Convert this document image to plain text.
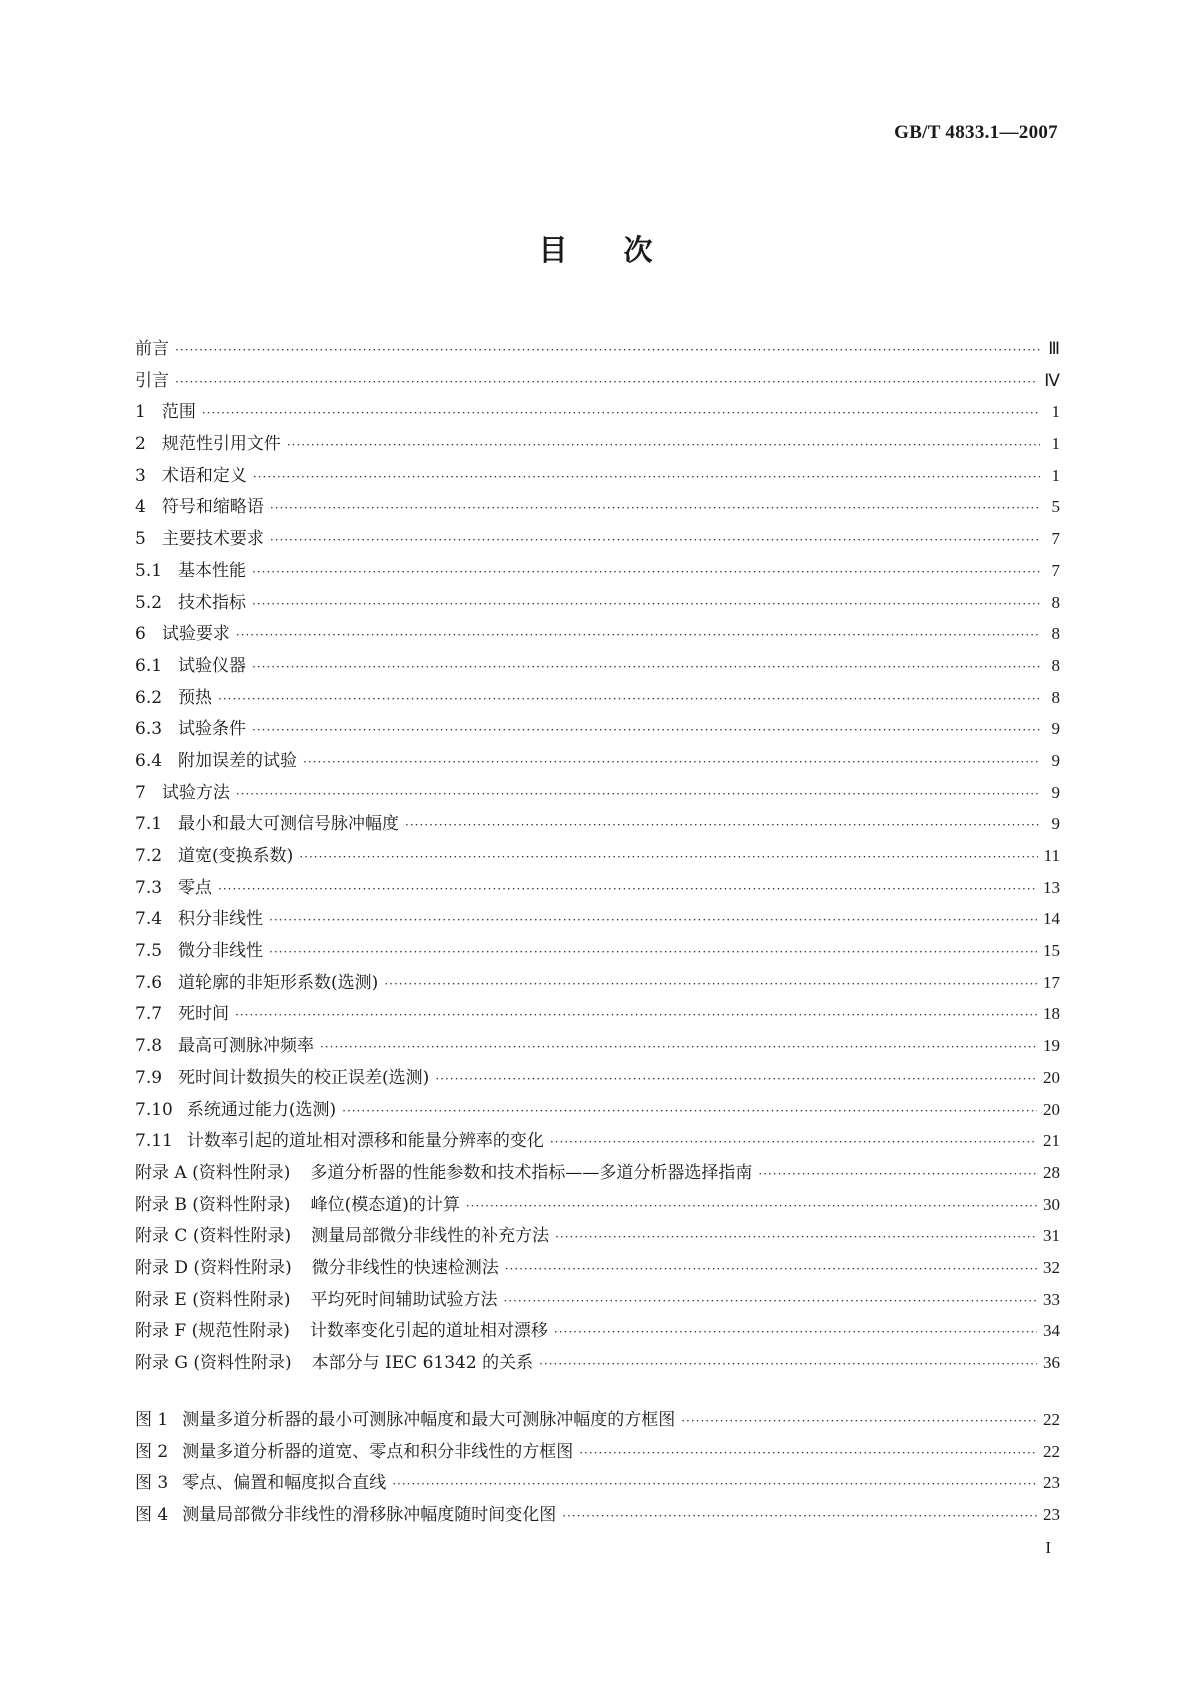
GB/T 4833.1—2007
目次
前言 ·····	Ⅲ
引言 ·····	Ⅳ
1 范围 ·····	1
2 规范性引用文件 ·····	1
3 术语和定义 ·····	1
4 符号和缩略语 ·····	5
5 主要技术要求 ·····	7
5.1 基本性能 ·····	7
5.2 技术指标 ·····	8
6 试验要求 ·····	8
6.1 试验仪器 ·····	8
6.2 预热 ·····	8
6.3 试验条件 ·····	9
6.4 附加误差的试验 ·····	9
7 试验方法 ·····	9
7.1 最小和最大可测信号脉冲幅度 ·····	9
7.2 道宽(变换系数) ·····	11
7.3 零点 ·····	13
7.4 积分非线性 ·····	14
7.5 微分非线性 ·····	15
7.6 道轮廓的非矩形系数(选测) ·····	17
7.7 死时间 ·····	18
7.8 最高可测脉冲频率 ·····	19
7.9 死时间计数损失的校正误差(选测) ·····	20
7.10 系统通过能力(选测) ·····	20
7.11 计数率引起的道址相对漂移和能量分辨率的变化 ·····	21
附录 A (资料性附录) 多道分析器的性能参数和技术指标——多道分析器选择指南 ·····	28
附录 B (资料性附录) 峰位(模态道)的计算 ·····	30
附录 C (资料性附录) 测量局部微分非线性的补充方法 ·····	31
附录 D (资料性附录) 微分非线性的快速检测法 ·····	32
附录 E (资料性附录) 平均死时间辅助试验方法 ·····	33
附录 F (规范性附录) 计数率变化引起的道址相对漂移 ·····	34
附录 G (资料性附录) 本部分与 IEC 61342 的关系 ·····	36
图 1 测量多道分析器的最小可测脉冲幅度和最大可测脉冲幅度的方框图 ·····	22
图 2 测量多道分析器的道宽、零点和积分非线性的方框图 ·····	22
图 3 零点、偏置和幅度拟合直线 ·····	23
图 4 测量局部微分非线性的滑移脉冲幅度随时间变化图 ·····	23
I
